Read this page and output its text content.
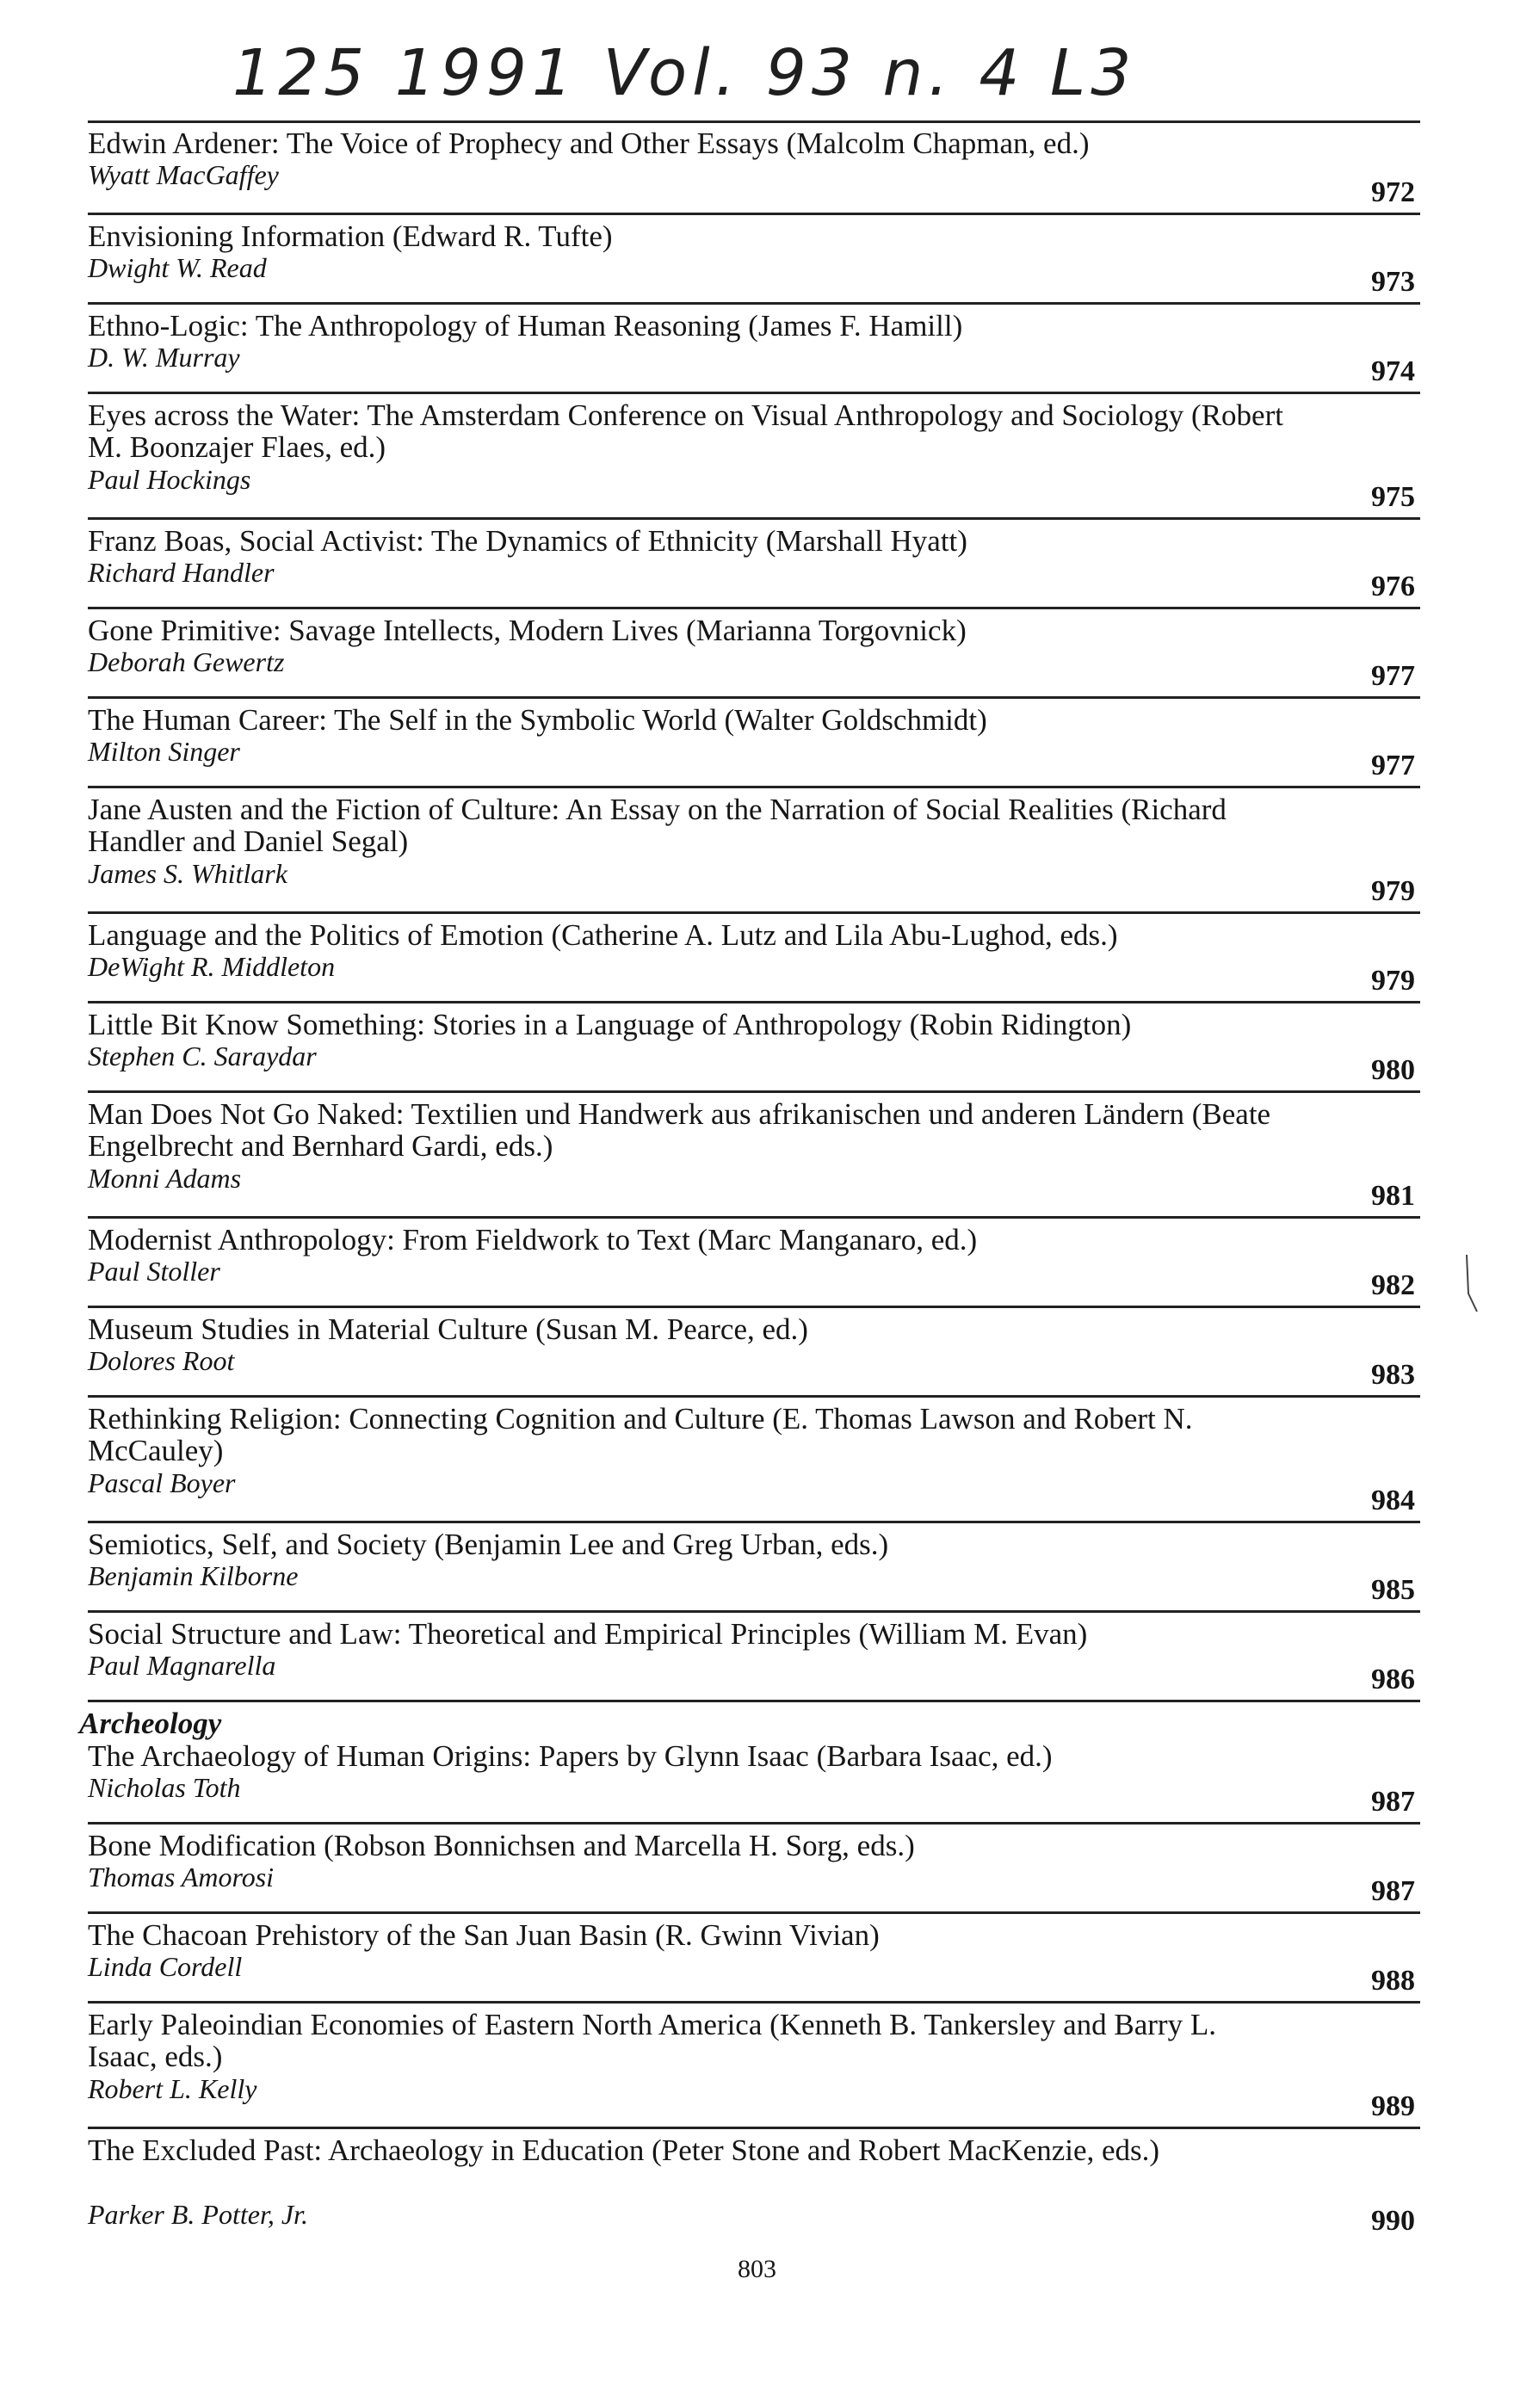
125 1991 Vol. 93 n. 4 L3

Edwin Ardener: The Voice of Prophecy and Other Essays (Malcolm Chapman, ed.)

Wyatt MacGaffey
972

Envisioning Information (Edward R. Tufte)

Dwight W. Read	973

Ethno-Logic: The Anthropology of Human Reasoning (James F. Hamill)

D. W. Murray	974

Eyes across the Water: The Amsterdam Conference on Visual Anthropology and Sociology (Robert M. Boonzajer Flaes, ed.)

Paul Hockings
975

Franz Boas, Social Activist: The Dynamics of Ethnicity (Marshall Hyatt)

Richard Handler	976

Gone Primitive: Savage Intellects, Modern Lives (Marianna Torgovnick)

Deborah Gewertz	977

The Human Career: The Self in the Symbolic World (Walter Goldschmidt)

Milton Singer	977

Jane Austen and the Fiction of Culture: An Essay on the Narration of Social Realities (Richard Handler and Daniel Segal)

James S. Whitlark
979

Language and the Politics of Emotion (Catherine A. Lutz and Lila Abu-Lughod, eds.)

DeWight R. Middleton	979

Little Bit Know Something: Stories in a Language of Anthropology (Robin Ridington)

Stephen C. Saraydar	980

Man Does Not Go Naked: Textilien und Handwerk aus afrikanischen und anderen Ländern (Beate Engelbrecht and Bernhard Gardi, eds.)

Monni Adams
981

Modernist Anthropology: From Fieldwork to Text (Marc Manganaro, ed.)

Paul Stoller	982

Museum Studies in Material Culture (Susan M. Pearce, ed.)

Dolores Root	983

Rethinking Religion: Connecting Cognition and Culture (E. Thomas Lawson and Robert N. McCauley)

Pascal Boyer
984

Semiotics, Self, and Society (Benjamin Lee and Greg Urban, eds.)

Benjamin Kilborne	985

Social Structure and Law: Theoretical and Empirical Principles (William M. Evan)

Paul Magnarella	986
Archeology

The Archaeology of Human Origins: Papers by Glynn Isaac (Barbara Isaac, ed.)

Nicholas Toth	987

Bone Modification (Robson Bonnichsen and Marcella H. Sorg, eds.)

Thomas Amorosi	987

The Chacoan Prehistory of the San Juan Basin (R. Gwinn Vivian)

Linda Cordell	988

Early Paleoindian Economies of Eastern North America (Kenneth B. Tankersley and Barry L. Isaac, eds.)

Robert L. Kelly
989

The Excluded Past: Archaeology in Education (Peter Stone and Robert MacKenzie, eds.)

Parker B. Potter, Jr.	990
803
